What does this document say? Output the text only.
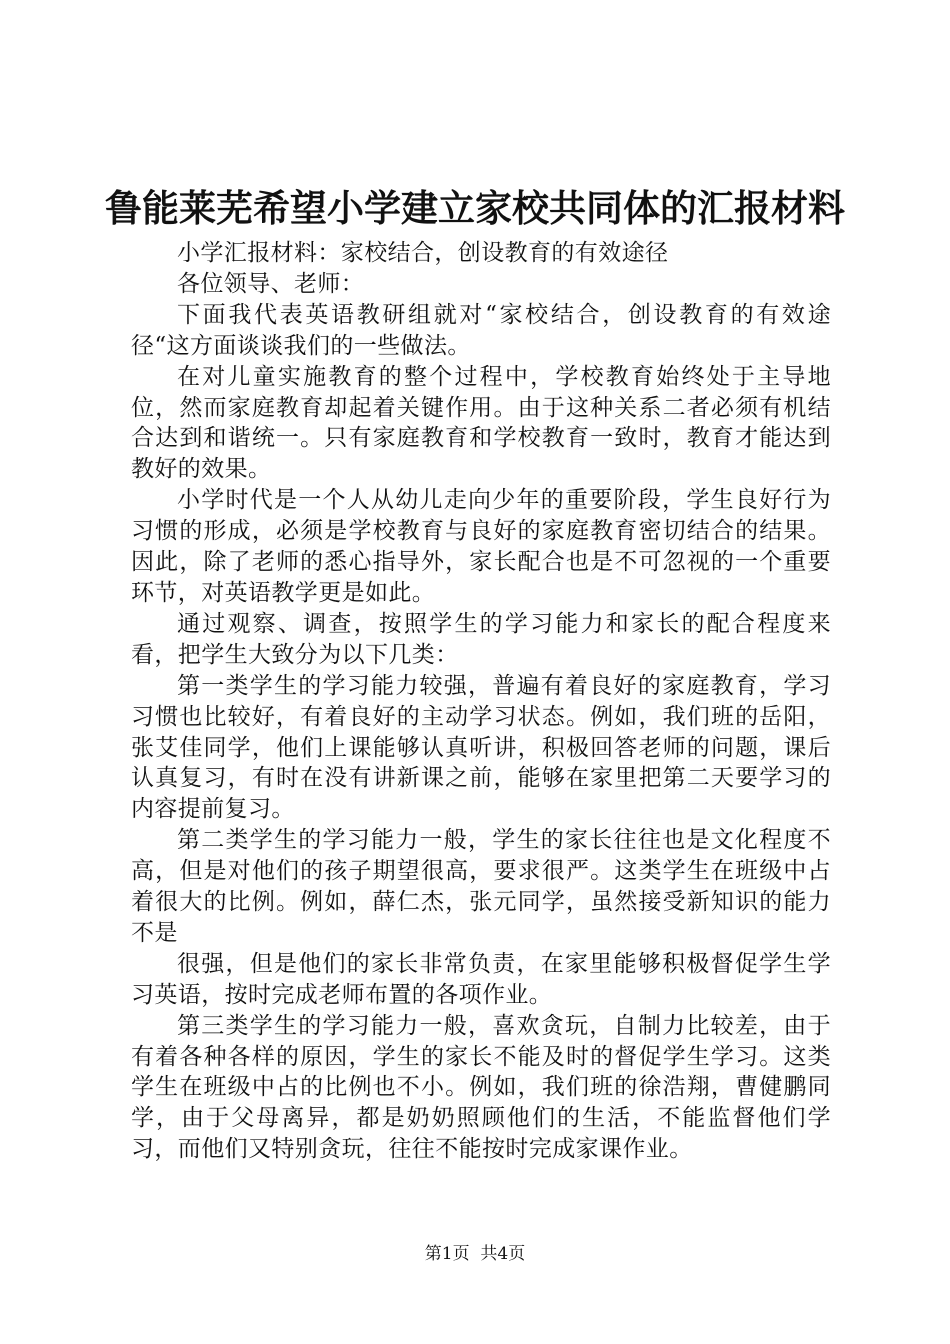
鲁能莱芜希望小学建立家校共同体的汇报材料

小学汇报材料：家校结合，创设教育的有效途径

各位领导、老师：

下面我代表英语教研组就对“家校结合，创设教育的有效途径“这方面谈谈我们的一些做法。

在对儿童实施教育的整个过程中，学校教育始终处于主导地位，然而家庭教育却起着关键作用。由于这种关系二者必须有机结合达到和谐统一。只有家庭教育和学校教育一致时，教育才能达到教好的效果。

小学时代是一个人从幼儿走向少年的重要阶段，学生良好行为习惯的形成，必须是学校教育与良好的家庭教育密切结合的结果。因此，除了老师的悉心指导外，家长配合也是不可忽视的一个重要环节，对英语教学更是如此。

通过观察、调查，按照学生的学习能力和家长的配合程度来看，把学生大致分为以下几类：

第一类学生的学习能力较强，普遍有着良好的家庭教育，学习习惯也比较好，有着良好的主动学习状态。例如，我们班的岳阳，张艾佳同学，他们上课能够认真听讲，积极回答老师的问题，课后认真复习，有时在没有讲新课之前，能够在家里把第二天要学习的内容提前复习。

第二类学生的学习能力一般，学生的家长往往也是文化程度不高，但是对他们的孩子期望很高，要求很严。这类学生在班级中占着很大的比例。例如，薛仁杰，张元同学，虽然接受新知识的能力不是

很强，但是他们的家长非常负责，在家里能够积极督促学生学习英语，按时完成老师布置的各项作业。

第三类学生的学习能力一般，喜欢贪玩，自制力比较差，由于有着各种各样的原因，学生的家长不能及时的督促学生学习。这类学生在班级中占的比例也不小。例如，我们班的徐浩翔，曹健鹏同学，由于父母离异，都是奶奶照顾他们的生活，不能监督他们学习，而他们又特别贪玩，往往不能按时完成家课作业。

第1页 共4页
